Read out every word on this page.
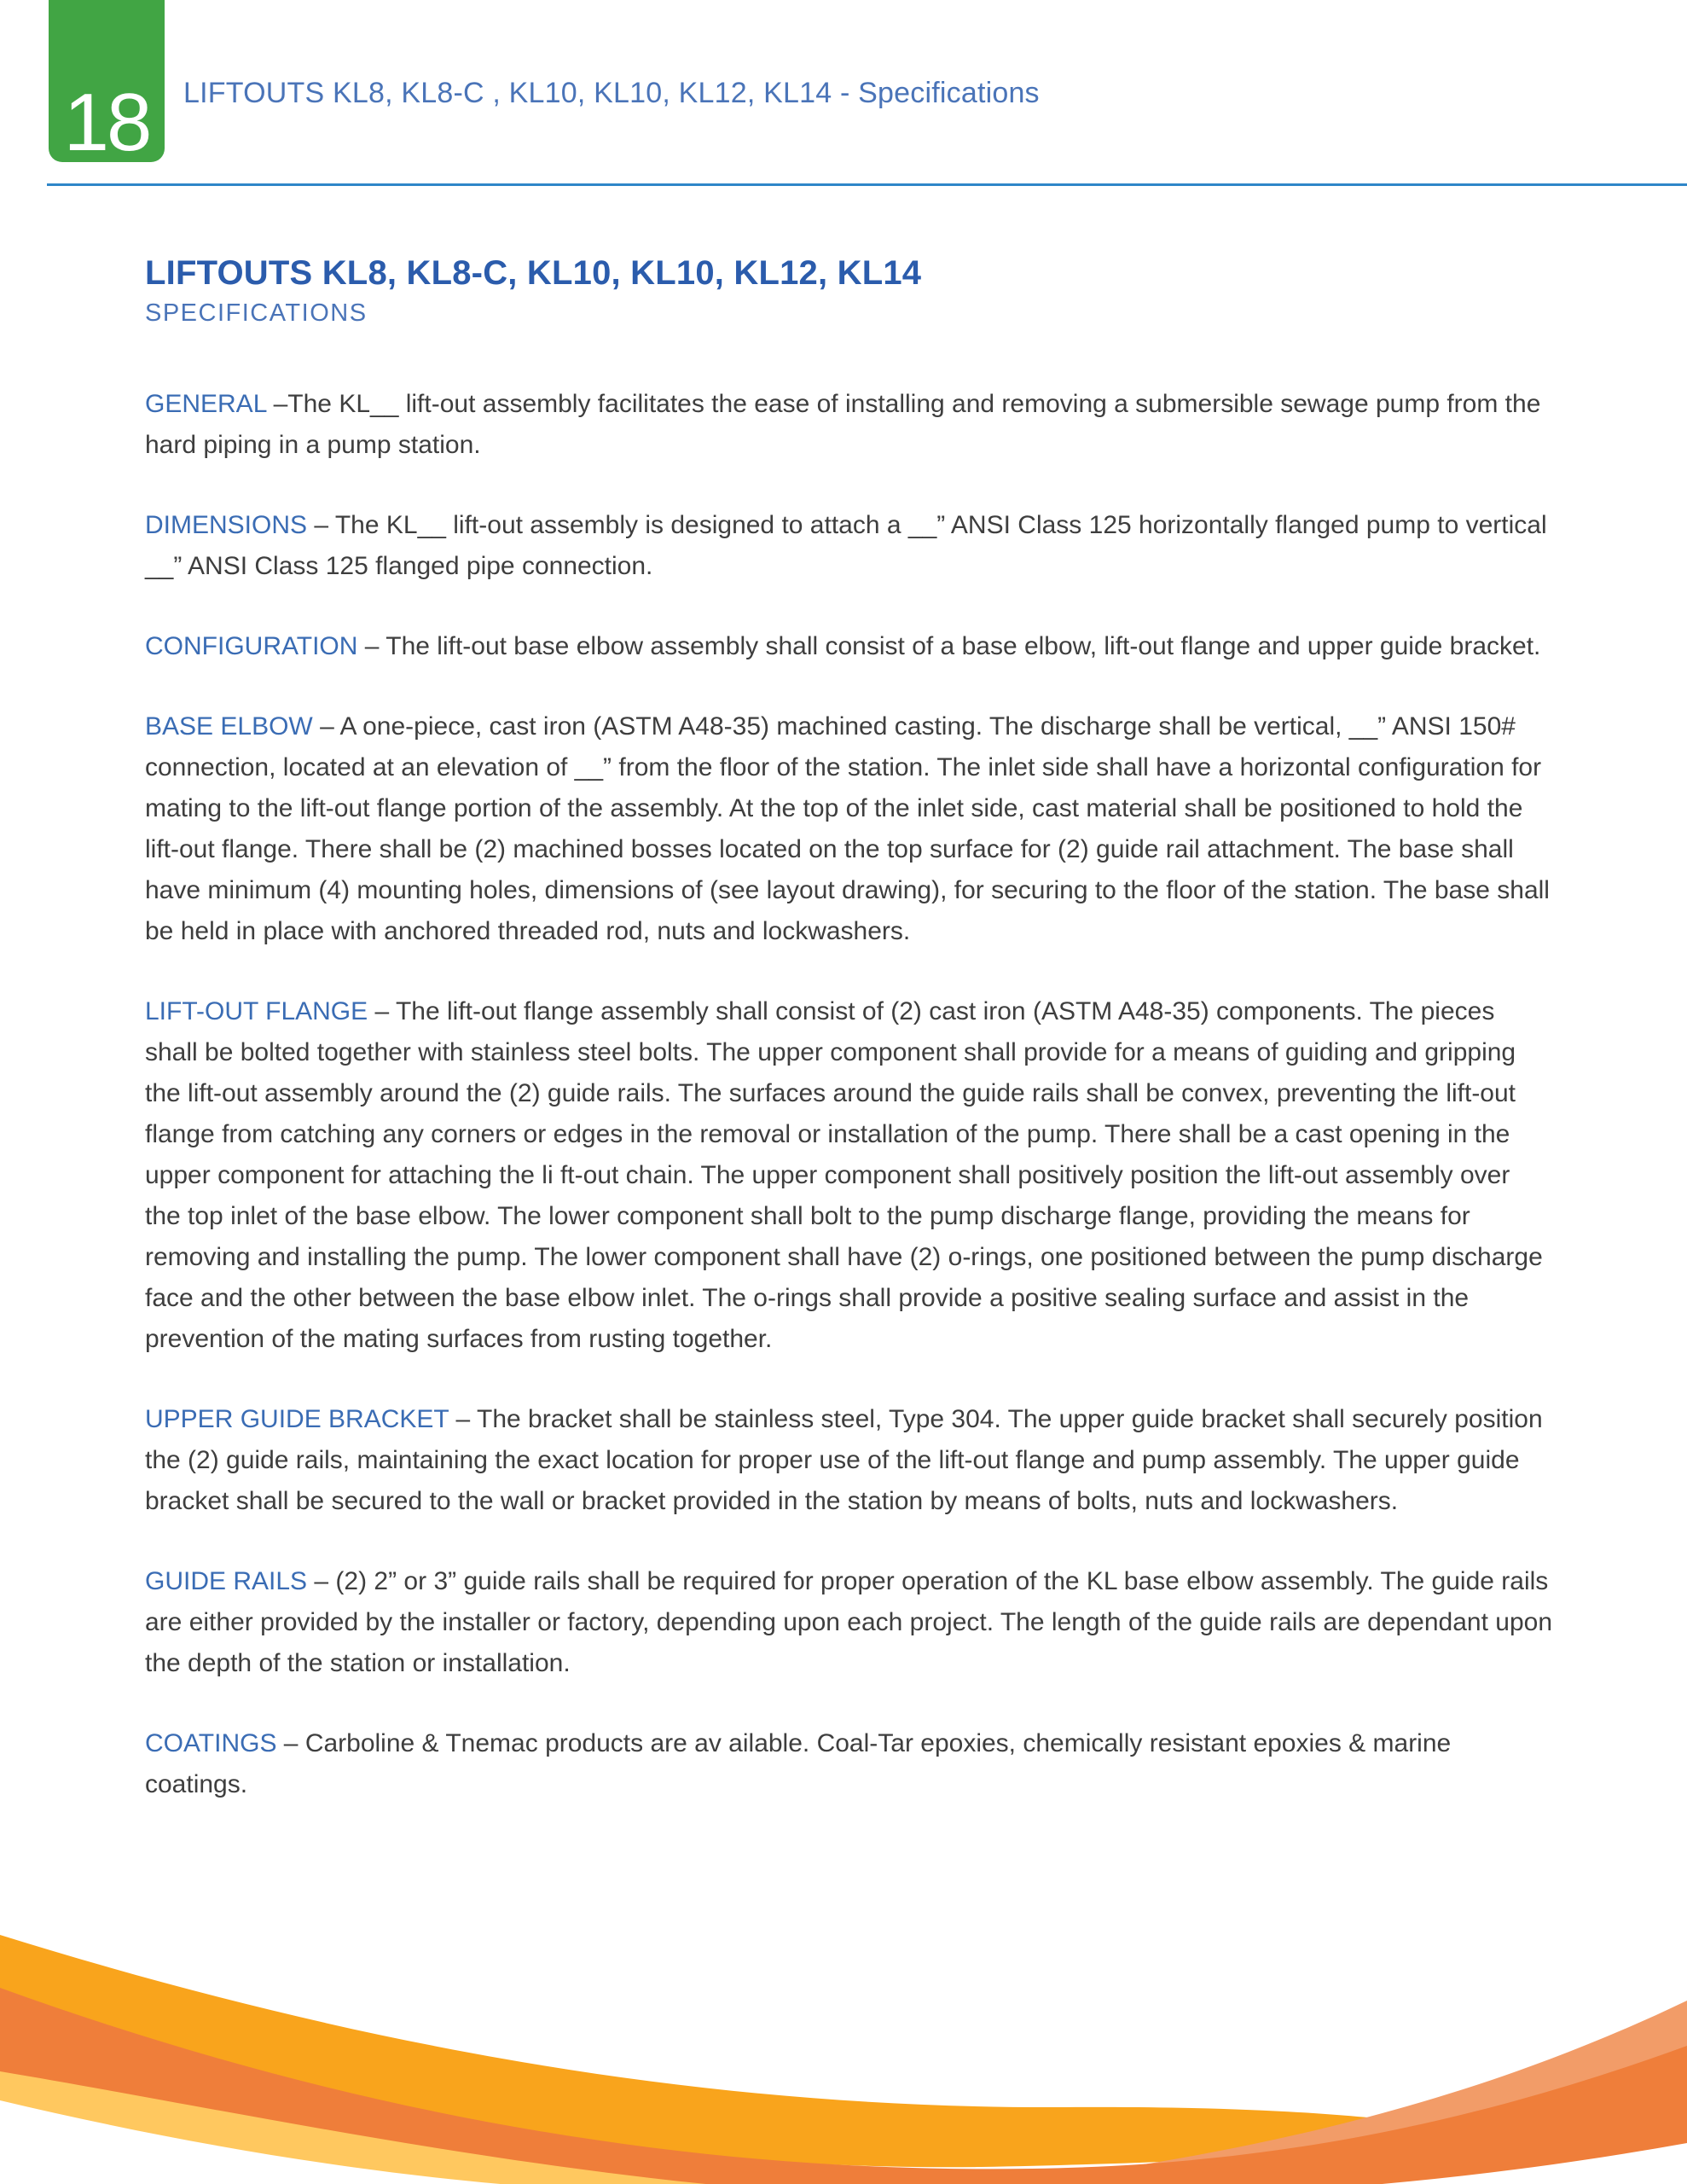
18 LIFTOUTS KL8, KL8-C , KL10, KL10, KL12, KL14 - Specifications
LIFTOUTS KL8, KL8-C, KL10, KL10, KL12, KL14
SPECIFICATIONS

GENERAL –The KL__ lift-out assembly facilitates the ease of installing and removing a submersible sewage pump from the hard piping in a pump station.

DIMENSIONS – The KL__ lift-out assembly is designed to attach a __” ANSI Class 125 horizontally flanged pump to vertical __” ANSI Class 125 flanged pipe connection.

CONFIGURATION – The lift-out base elbow assembly shall consist of a base elbow, lift-out flange and upper guide bracket.

BASE ELBOW – A one-piece, cast iron (ASTM A48-35) machined casting. The discharge shall be vertical, __” ANSI 150# connection, located at an elevation of __” from the floor of the station. The inlet side shall have a horizontal configuration for mating to the lift-out flange portion of the assembly. At the top of the inlet side, cast material shall be positioned to hold the lift-out flange. There shall be (2) machined bosses located on the top surface for (2) guide rail attachment. The base shall have minimum (4) mounting holes, dimensions of (see layout drawing), for securing to the floor of the station. The base shall be held in place with anchored threaded rod, nuts and lockwashers.

LIFT-OUT FLANGE – The lift-out flange assembly shall consist of (2) cast iron (ASTM A48-35) components. The pieces shall be bolted together with stainless steel bolts. The upper component shall provide for a means of guiding and gripping the lift-out assembly around the (2) guide rails. The surfaces around the guide rails shall be convex, preventing the lift-out flange from catching any corners or edges in the removal or installation of the pump. There shall be a cast opening in the upper component for attaching the li ft-out chain. The upper component shall positively position the lift-out assembly over the top inlet of the base elbow. The lower component shall bolt to the pump discharge flange, providing the means for removing and installing the pump. The lower component shall have (2) o-rings, one positioned between the pump discharge face and the other between the base elbow inlet. The o-rings shall provide a positive sealing surface and assist in the prevention of the mating surfaces from rusting together.

UPPER GUIDE BRACKET – The bracket shall be stainless steel, Type 304. The upper guide bracket shall securely position the (2) guide rails, maintaining the exact location for proper use of the lift-out flange and pump assembly. The upper guide bracket shall be secured to the wall or bracket provided in the station by means of bolts, nuts and lockwashers.

GUIDE RAILS – (2) 2” or 3” guide rails shall be required for proper operation of the KL base elbow assembly. The guide rails are either provided by the installer or factory, depending upon each project. The length of the guide rails are dependant upon the depth of the station or installation.

COATINGS – Carboline & Tnemac products are av ailable. Coal-Tar epoxies, chemically resistant epoxies & marine coatings.
